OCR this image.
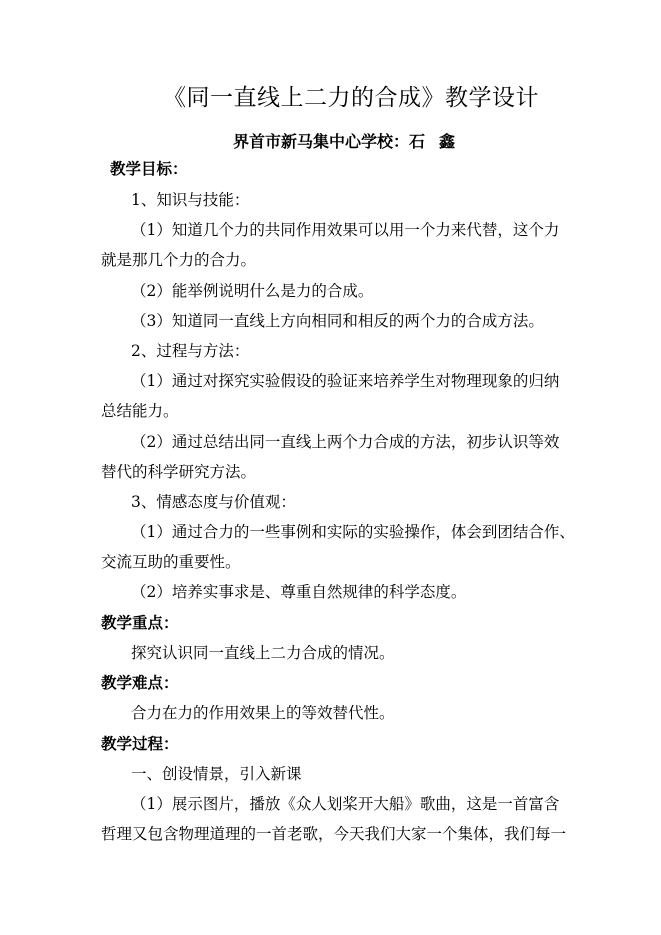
《同一直线上二力的合成》教学设计
界首市新马集中心学校：石 鑫
教学目标：
1、知识与技能：
（1）知道几个力的共同作用效果可以用一个力来代替，这个力
就是那几个力的合力。
（2）能举例说明什么是力的合成。
（3）知道同一直线上方向相同和相反的两个力的合成方法。
2、过程与方法：
（1）通过对探究实验假设的验证来培养学生对物理现象的归纳
总结能力。
（2）通过总结出同一直线上两个力合成的方法，初步认识等效
替代的科学研究方法。
3、情感态度与价值观：
（1）通过合力的一些事例和实际的实验操作，体会到团结合作、
交流互助的重要性。
（2）培养实事求是、尊重自然规律的科学态度。
教学重点：
探究认识同一直线上二力合成的情况。
教学难点：
合力在力的作用效果上的等效替代性。
教学过程：
一、创设情景，引入新课
（1）展示图片，播放《众人划桨开大船》歌曲，这是一首富含
哲理又包含物理道理的一首老歌，今天我们大家一个集体，我们每一
